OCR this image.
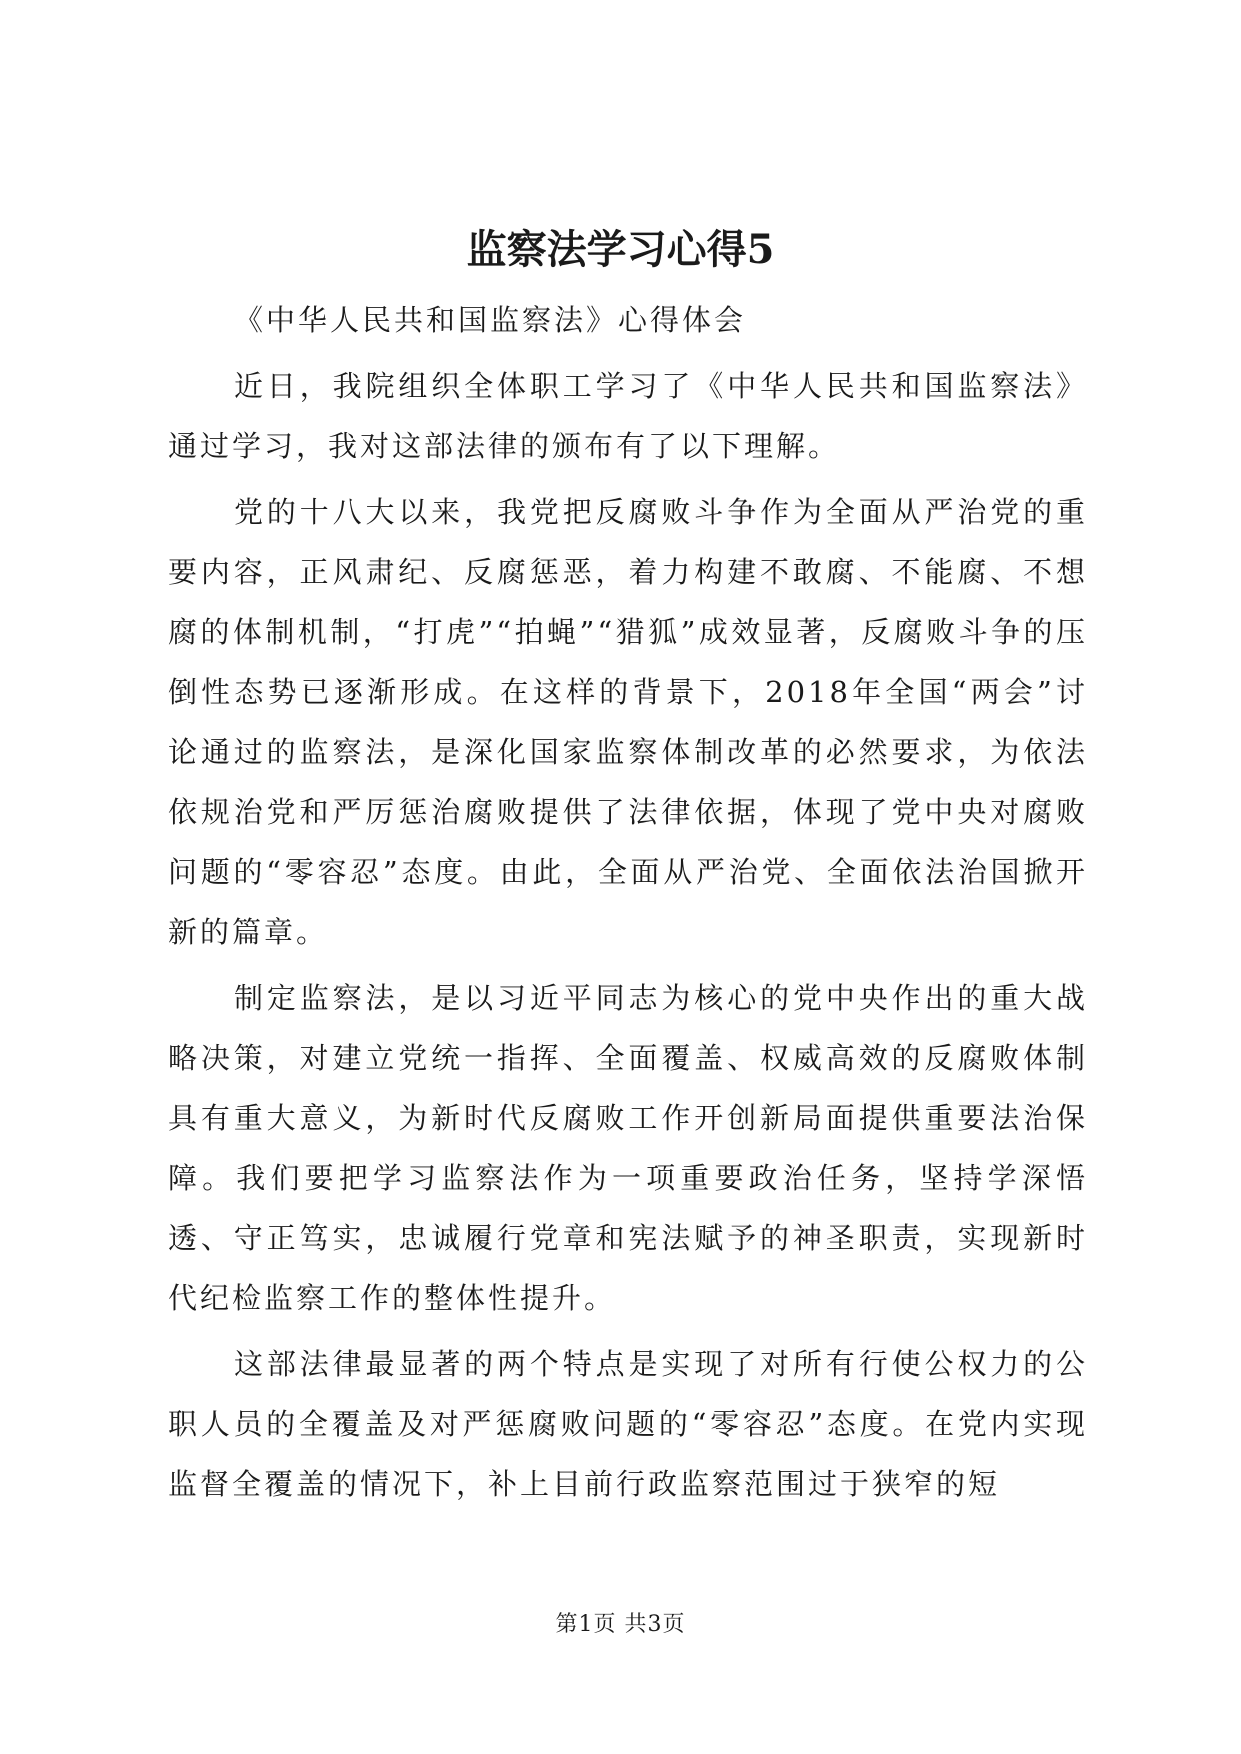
监察法学习心得5

《中华人民共和国监察法》心得体会

近日，我院组织全体职工学习了《中华人民共和国监察法》通过学习，我对这部法律的颁布有了以下理解。

党的十八大以来，我党把反腐败斗争作为全面从严治党的重要内容，正风肃纪、反腐惩恶，着力构建不敢腐、不能腐、不想腐的体制机制，“打虎”“拍蝇”“猎狐”成效显著，反腐败斗争的压倒性态势已逐渐形成。在这样的背景下，2018年全国“两会”讨论通过的监察法，是深化国家监察体制改革的必然要求，为依法依规治党和严厉惩治腐败提供了法律依据，体现了党中央对腐败问题的“零容忍”态度。由此，全面从严治党、全面依法治国掀开新的篇章。

制定监察法，是以习近平同志为核心的党中央作出的重大战略决策，对建立党统一指挥、全面覆盖、权威高效的反腐败体制具有重大意义，为新时代反腐败工作开创新局面提供重要法治保障。我们要把学习监察法作为一项重要政治任务，坚持学深悟透、守正笃实，忠诚履行党章和宪法赋予的神圣职责，实现新时代纪检监察工作的整体性提升。

这部法律最显著的两个特点是实现了对所有行使公权力的公职人员的全覆盖及对严惩腐败问题的“零容忍”态度。在党内实现监督全覆盖的情况下，补上目前行政监察范围过于狭窄的短

第1页 共3页
